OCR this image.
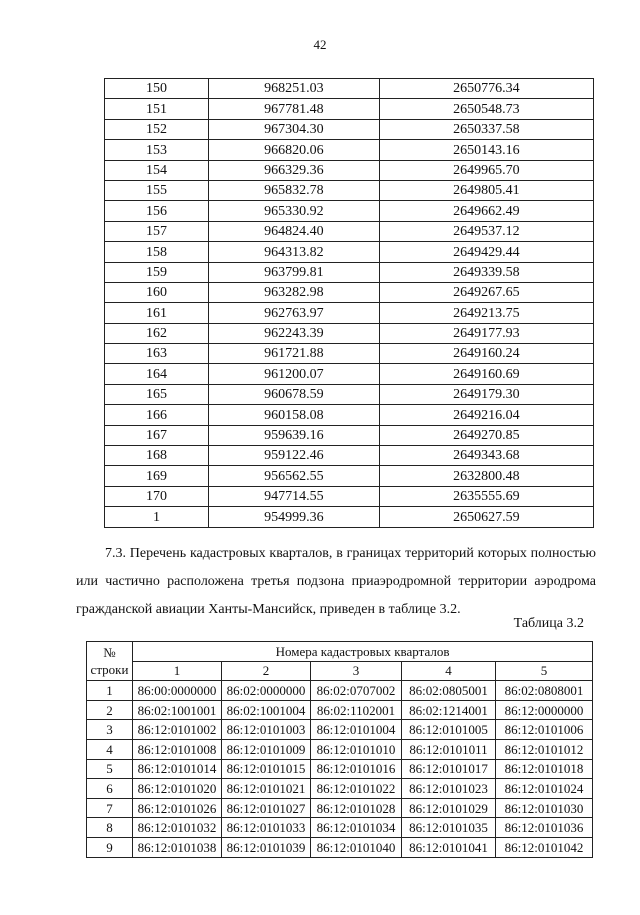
42
150	968251.03	2650776.34
151	967781.48	2650548.73
152	967304.30	2650337.58
153	966820.06	2650143.16
154	966329.36	2649965.70
155	965832.78	2649805.41
156	965330.92	2649662.49
157	964824.40	2649537.12
158	964313.82	2649429.44
159	963799.81	2649339.58
160	963282.98	2649267.65
161	962763.97	2649213.75
162	962243.39	2649177.93
163	961721.88	2649160.24
164	961200.07	2649160.69
165	960678.59	2649179.30
166	960158.08	2649216.04
167	959639.16	2649270.85
168	959122.46	2649343.68
169	956562.55	2632800.48
170	947714.55	2635555.69
1	954999.36	2650627.59

7.3. Перечень кадастровых кварталов, в границах территорий которых полностью или частично расположена третья подзона приаэродромной территории аэродрома гражданской авиации Ханты-Мансийск, приведен в таблице 3.2.

Таблица 3.2
№
строки	Номера кадастровых кварталов				
	1	2	3	4	5
1	86:00:0000000	86:02:0000000	86:02:0707002	86:02:0805001	86:02:0808001
2	86:02:1001001	86:02:1001004	86:02:1102001	86:02:1214001	86:12:0000000
3	86:12:0101002	86:12:0101003	86:12:0101004	86:12:0101005	86:12:0101006
4	86:12:0101008	86:12:0101009	86:12:0101010	86:12:0101011	86:12:0101012
5	86:12:0101014	86:12:0101015	86:12:0101016	86:12:0101017	86:12:0101018
6	86:12:0101020	86:12:0101021	86:12:0101022	86:12:0101023	86:12:0101024
7	86:12:0101026	86:12:0101027	86:12:0101028	86:12:0101029	86:12:0101030
8	86:12:0101032	86:12:0101033	86:12:0101034	86:12:0101035	86:12:0101036
9	86:12:0101038	86:12:0101039	86:12:0101040	86:12:0101041	86:12:0101042
